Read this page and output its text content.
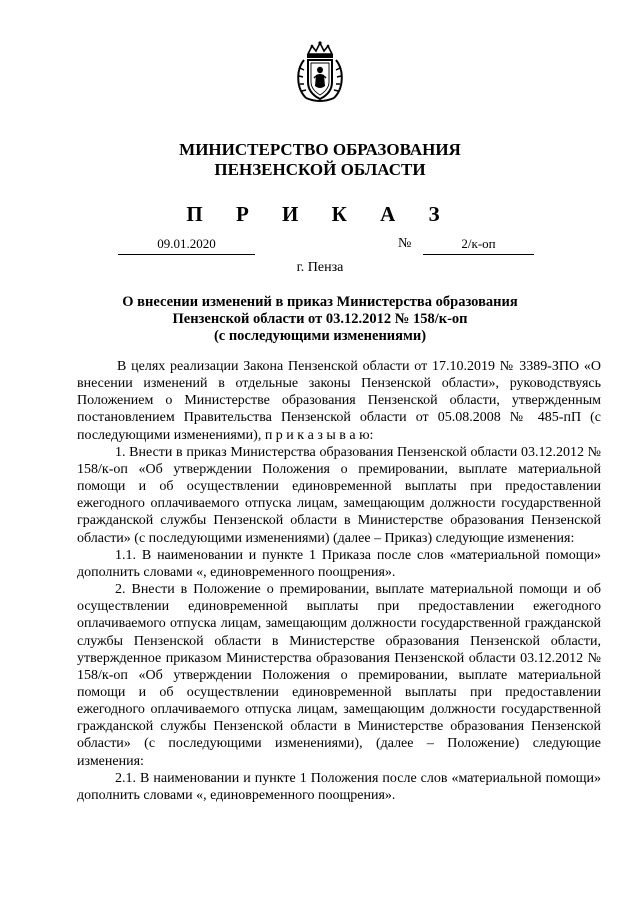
МИНИСТЕРСТВО ОБРАЗОВАНИЯ
ПЕНЗЕНСКОЙ ОБЛАСТИ
П Р И К А З
09.01.2020	№	2/к-оп
г. Пенза
О внесении изменений в приказ Министерства образования
Пензенской области от 03.12.2012 № 158/к-оп
(с последующими изменениями)

В целях реализации Закона Пензенской области от 17.10.2019 № 3389-ЗПО «О внесении изменений в отдельные законы Пензенской области», руководствуясь Положением о Министерстве образования Пензенской области, утвержденным постановлением Правительства Пензенской области от 05.08.2008 № 485-пП (с последующими изменениями), п р и к а з ы в а ю:

1. Внести в приказ Министерства образования Пензенской области 03.12.2012 № 158/к-оп «Об утверждении Положения о премировании, выплате материальной помощи и об осуществлении единовременной выплаты при предоставлении ежегодного оплачиваемого отпуска лицам, замещающим должности государственной гражданской службы Пензенской области в Министерстве образования Пензенской области» (с последующими изменениями) (далее – Приказ) следующие изменения:

1.1. В наименовании и пункте 1 Приказа после слов «материальной помощи» дополнить словами «, единовременного поощрения».

2. Внести в Положение о премировании, выплате материальной помощи и об осуществлении единовременной выплаты при предоставлении ежегодного оплачиваемого отпуска лицам, замещающим должности государственной гражданской службы Пензенской области в Министерстве образования Пензенской области, утвержденное приказом Министерства образования Пензенской области 03.12.2012 № 158/к-оп «Об утверждении Положения о премировании, выплате материальной помощи и об осуществлении единовременной выплаты при предоставлении ежегодного оплачиваемого отпуска лицам, замещающим должности государственной гражданской службы Пензенской области в Министерстве образования Пензенской области» (с последующими изменениями), (далее – Положение) следующие изменения:

2.1. В наименовании и пункте 1 Положения после слов «материальной помощи» дополнить словами «, единовременного поощрения».
